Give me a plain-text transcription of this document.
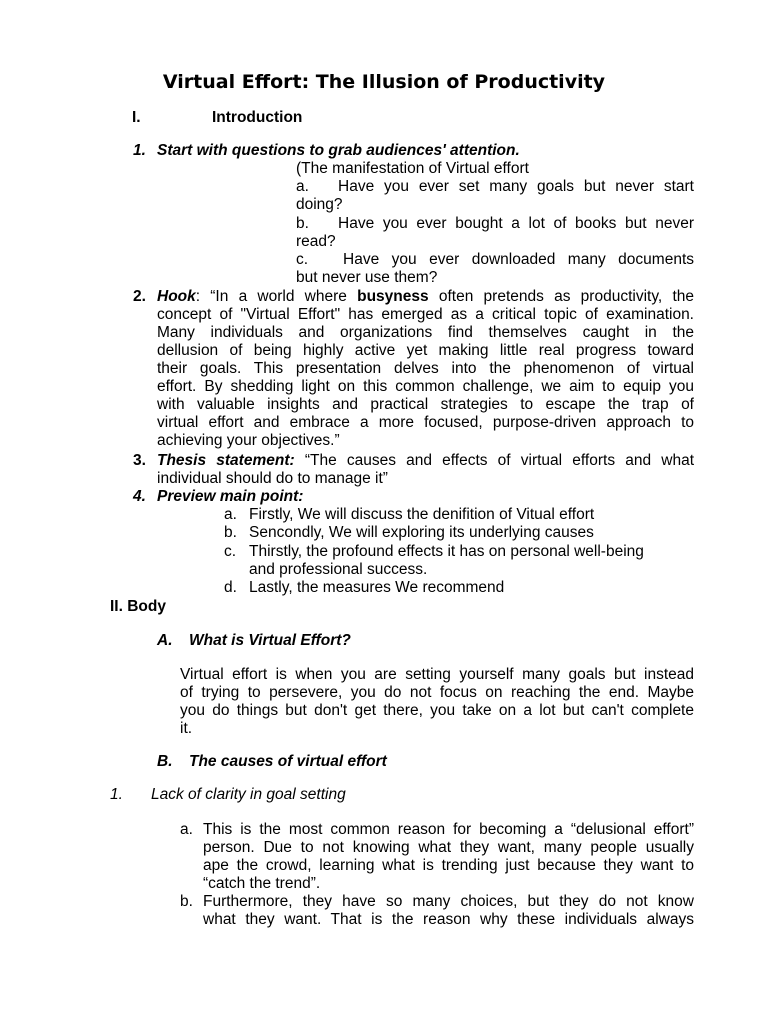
Virtual Effort: The Illusion of Productivity
I.	Introduction
1. Start with questions to grab audiences' attention.
(The manifestation of Virtual effort
a. Have you ever set many goals but never start
doing?
b. Have you ever bought a lot of books but never
read?
c. Have you ever downloaded many documents
but never use them?
2. Hook: “In a world where busyness often pretends as productivity, the
concept of "Virtual Effort" has emerged as a critical topic of examination.
Many individuals and organizations find themselves caught in the
dellusion of being highly active yet making little real progress toward
their goals. This presentation delves into the phenomenon of virtual
effort. By shedding light on this common challenge, we aim to equip you
with valuable insights and practical strategies to escape the trap of
virtual effort and embrace a more focused, purpose-driven approach to
achieving your objectives.”
3. Thesis statement: “The causes and effects of virtual efforts and what
individual should do to manage it”
4. Preview main point:
a. Firstly, We will discuss the denifition of Vitual effort
b. Sencondly, We will exploring its underlying causes
c. Thirstly, the profound effects it has on personal well-being
and professional success.
d. Lastly, the measures We recommend
II. Body
A. What is Virtual Effort?
Virtual effort is when you are setting yourself many goals but instead
of trying to persevere, you do not focus on reaching the end. Maybe
you do things but don't get there, you take on a lot but can't complete
it.
B. The causes of virtual effort
1. Lack of clarity in goal setting
a. This is the most common reason for becoming a “delusional effort”
person. Due to not knowing what they want, many people usually
ape the crowd, learning what is trending just because they want to
“catch the trend”.
b. Furthermore, they have so many choices, but they do not know
what they want. That is the reason why these individuals always
